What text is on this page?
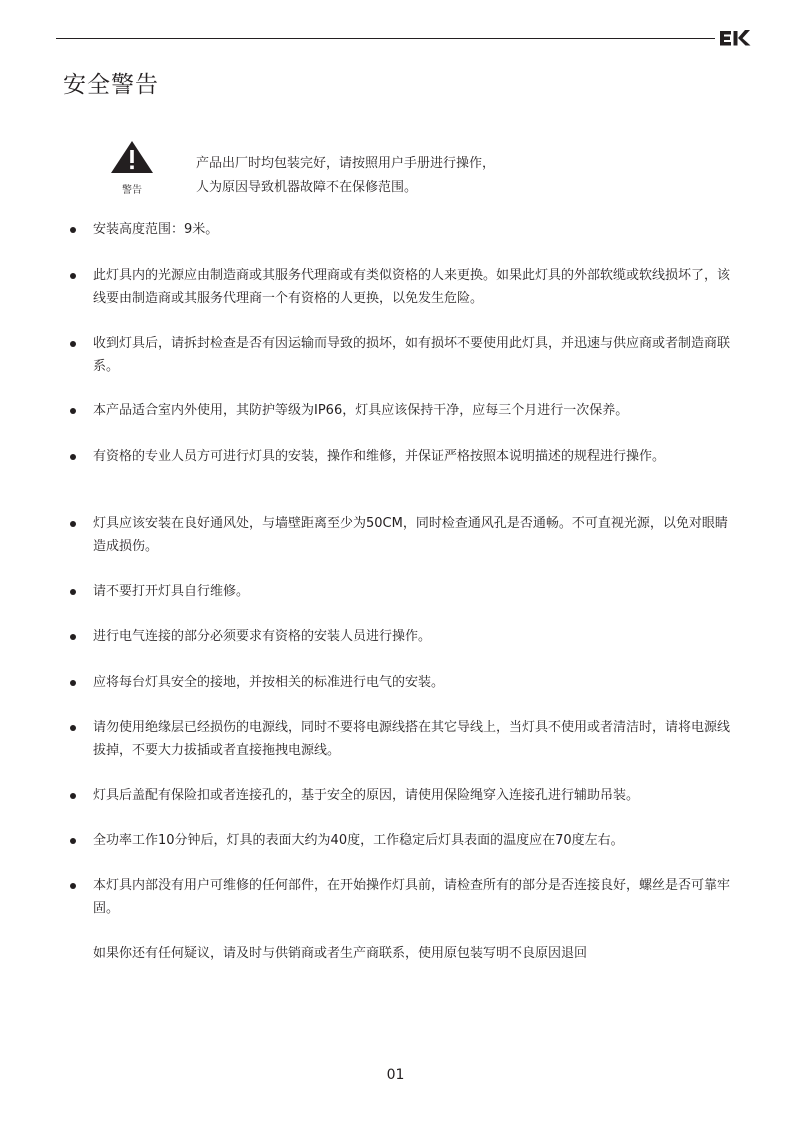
安全警告
警告
产品出厂时均包装完好，请按照用户手册进行操作，
人为原因导致机器故障不在保修范围。
安装高度范围：9米。
此灯具内的光源应由制造商或其服务代理商或有类似资格的人来更换。如果此灯具的外部软缆或软线损坏了，该线要由制造商或其服务代理商一个有资格的人更换，以免发生危险。
收到灯具后，请拆封检查是否有因运输而导致的损坏，如有损坏不要使用此灯具，并迅速与供应商或者制造商联系。
本产品适合室内外使用，其防护等级为IP66，灯具应该保持干净，应每三个月进行一次保养。
有资格的专业人员方可进行灯具的安装，操作和维修，并保证严格按照本说明描述的规程进行操作。
灯具应该安装在良好通风处，与墙壁距离至少为50CM，同时检查通风孔是否通畅。不可直视光源，以免对眼睛造成损伤。
请不要打开灯具自行维修。
进行电气连接的部分必须要求有资格的安装人员进行操作。
应将每台灯具安全的接地，并按相关的标准进行电气的安装。
请勿使用绝缘层已经损伤的电源线，同时不要将电源线搭在其它导线上，当灯具不使用或者清洁时，请将电源线拔掉，不要大力拔插或者直接拖拽电源线。
灯具后盖配有保险扣或者连接孔的，基于安全的原因，请使用保险绳穿入连接孔进行辅助吊装。
全功率工作10分钟后，灯具的表面大约为40度，工作稳定后灯具表面的温度应在70度左右。
本灯具内部没有用户可维修的任何部件，在开始操作灯具前，请检查所有的部分是否连接良好，螺丝是否可靠牢固。
如果你还有任何疑议，请及时与供销商或者生产商联系，使用原包装写明不良原因退回
01
